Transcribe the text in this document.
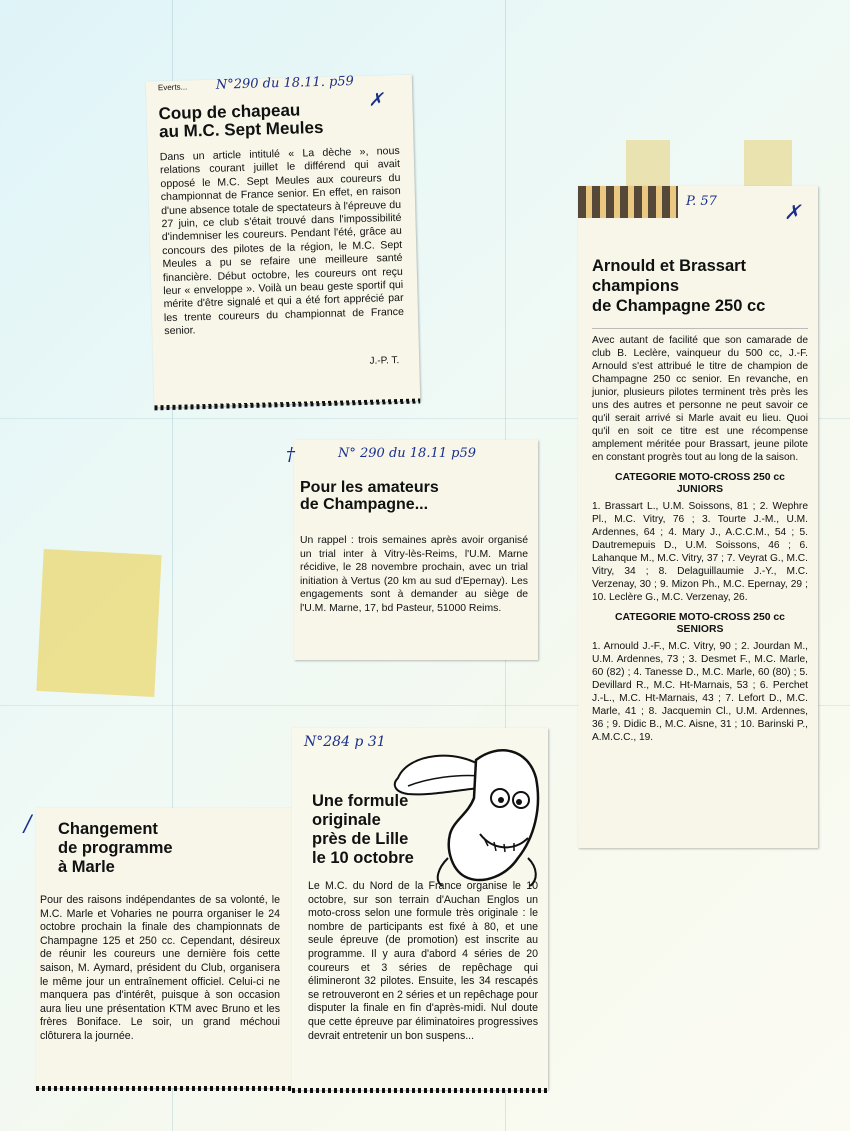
Everts... N°290 du 18.11. p59
✗
Coup de chapeau
au M.C. Sept Meules

Dans un article intitulé « La dèche », nous relations courant juillet le différend qui avait opposé le M.C. Sept Meules aux coureurs du championnat de France senior. En effet, en raison d'une absence totale de spectateurs à l'épreuve du 27 juin, ce club s'était trouvé dans l'impossibilité d'indemniser les coureurs. Pendant l'été, grâce au concours des pilotes de la région, le M.C. Sept Meules a pu se refaire une meilleure santé financière. Début octobre, les coureurs ont reçu leur « enveloppe ». Voilà un beau geste sportif qui mérite d'être signalé et qui a été fort apprécié par les trente coureurs du championnat de France senior.

J.-P. T.
†	N° 290 du 18.11 p59
Pour les amateurs
de Champagne...

Un rappel : trois semaines après avoir organisé un trial inter à Vitry-lès-Reims, l'U.M. Marne récidive, le 28 novembre prochain, avec un trial initiation à Vertus (20 km au sud d'Epernay). Les engagements sont à demander au siège de l'U.M. Marne, 17, bd Pasteur, 51000 Reims.

P. 57	✗
Arnould et Brassart
champions
de Champagne 250 cc

Avec autant de facilité que son camarade de club B. Leclère, vainqueur du 500 cc, J.-F. Arnould s'est attribué le titre de champion de Champagne 250 cc senior. En revanche, en junior, plusieurs pilotes terminent très près les uns des autres et personne ne peut savoir ce qu'il serait arrivé si Marle avait eu lieu. Quoi qu'il en soit ce titre est une récompense amplement méritée pour Brassart, jeune pilote en constant progrès tout au long de la saison.

CATEGORIE MOTO-CROSS 250 cc JUNIORS

1. Brassart L., U.M. Soissons, 81 ; 2. Wephre Pl., M.C. Vitry, 76 ; 3. Tourte J.-M., U.M. Ardennes, 64 ; 4. Mary J., A.C.C.M., 54 ; 5. Dautremepuis D., U.M. Soissons, 46 ; 6. Lahanque M., M.C. Vitry, 37 ; 7. Veyrat G., M.C. Vitry, 34 ; 8. Delaguillaumie J.-Y., M.C. Verzenay, 30 ; 9. Mizon Ph., M.C. Epernay, 29 ; 10. Leclère G., M.C. Verzenay, 26.

CATEGORIE MOTO-CROSS 250 cc SENIORS

1. Arnould J.-F., M.C. Vitry, 90 ; 2. Jourdan M., U.M. Ardennes, 73 ; 3. Desmet F., M.C. Marle, 60 (82) ; 4. Tanesse D., M.C. Marle, 60 (80) ; 5. Devillard R., M.C. Ht-Marnais, 53 ; 6. Perchet J.-L., M.C. Ht-Marnais, 43 ; 7. Lefort D., M.C. Marle, 41 ; 8. Jacquemin Cl., U.M. Ardennes, 36 ; 9. Didic B., M.C. Aisne, 31 ; 10. Barinski P., A.M.C.C., 19.

/ Changement
de programme
à Marle

Pour des raisons indépendantes de sa volonté, le M.C. Marle et Voharies ne pourra organiser le 24 octobre prochain la finale des championnats de Champagne 125 et 250 cc. Cependant, désireux de réunir les coureurs une dernière fois cette saison, M. Aymard, président du Club, organisera le même jour un entraînement officiel. Celui-ci ne manquera pas d'intérêt, puisque à son occasion aura lieu une présentation KTM avec Bruno et les frères Boniface. Le soir, un grand méchoui clôturera la journée.

N°284 p 31
Une formule
originale
près de Lille
le 10 octobre

Le M.C. du Nord de la France organise le 10 octobre, sur son terrain d'Auchan Englos un moto-cross selon une formule très originale : le nombre de participants est fixé à 80, et une seule épreuve (de promotion) est inscrite au programme. Il y aura d'abord 4 séries de 20 coureurs et 3 séries de repêchage qui élimineront 32 pilotes. Ensuite, les 34 rescapés se retrouveront en 2 séries et un repêchage pour disputer la finale en fin d'après-midi. Nul doute que cette épreuve par éliminatoires progressives devrait entretenir un bon suspens...
